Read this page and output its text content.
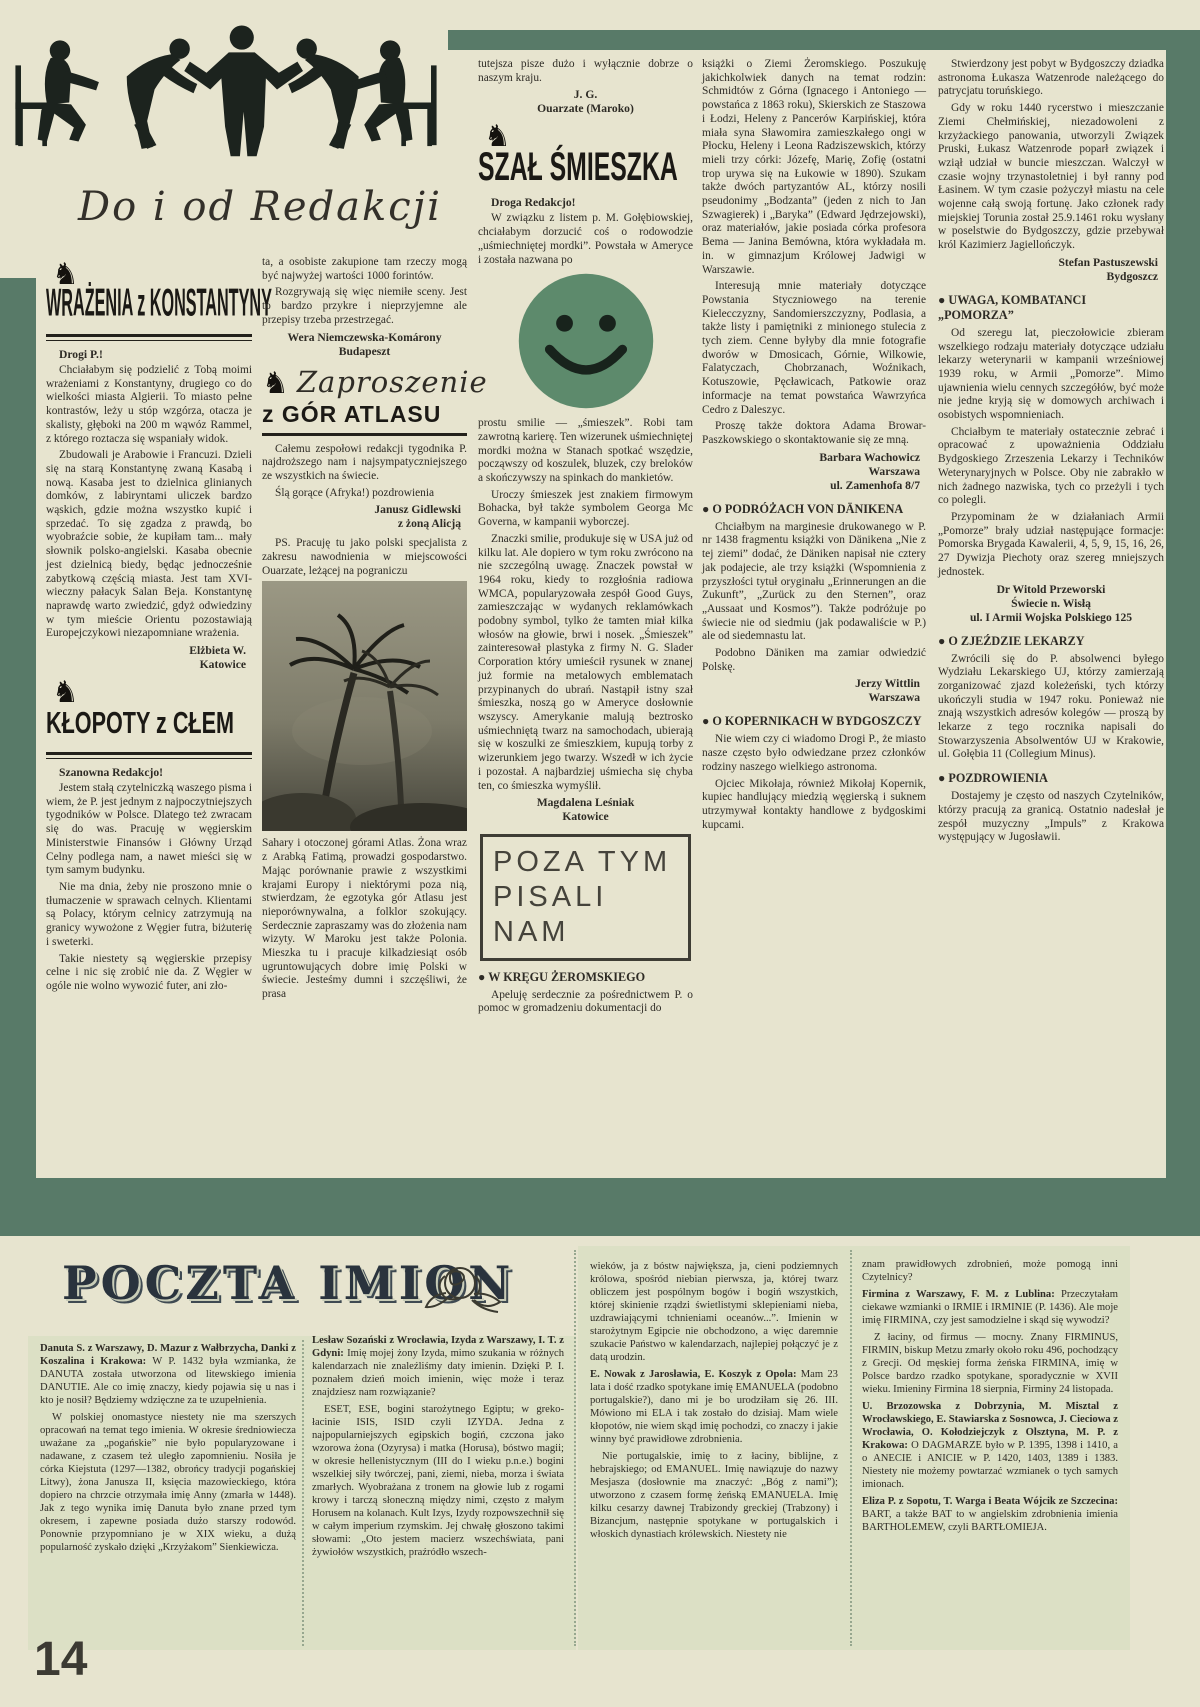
Do i od Redakcji
♞
WRAŻENIA z KONSTANTYNY

Drogi P.!

Chciałabym się podzielić z Tobą moimi wrażeniami z Konstantyny, drugiego co do wielkości miasta Algierii. To miasto pełne kontrastów, leży u stóp wzgórza, otacza je skalisty, głęboki na 200 m wąwóz Rammel, z którego roztacza się wspaniały widok.

Zbudowali je Arabowie i Francuzi. Dzieli się na starą Konstantynę zwaną Kasabą i nową. Kasaba jest to dzielnica glinianych domków, z labiryntami uliczek bardzo wąskich, gdzie można wszystko kupić i sprzedać. To się zgadza z prawdą, bo wyobraźcie sobie, że kupiłam tam... mały słownik polsko-angielski. Kasaba obecnie jest dzielnicą biedy, będąc jednocześnie zabytkową częścią miasta. Jest tam XVI-wieczny pałacyk Salan Beja. Konstantynę naprawdę warto zwiedzić, gdyż odwiedziny w tym mieście Orientu pozostawiają Europejczykowi niezapomniane wrażenia.

Elżbieta W.
Katowice
♞
KŁOPOTY z CŁEM

Szanowna Redakcjo!

Jestem stałą czytelniczką waszego pisma i wiem, że P. jest jednym z najpoczytniejszych tygodników w Polsce. Dlatego też zwracam się do was. Pracuję w węgierskim Ministerstwie Finansów i Główny Urząd Celny podlega nam, a nawet mieści się w tym samym budynku.

Nie ma dnia, żeby nie proszono mnie o tłumaczenie w sprawach celnych. Klientami są Polacy, którym celnicy zatrzymują na granicy wywożone z Węgier futra, biżuterię i sweterki.

Takie niestety są węgierskie przepisy celne i nic się zrobić nie da. Z Węgier w ogóle nie wolno wywozić futer, ani zło-

ta, a osobiste zakupione tam rzeczy mogą być najwyżej wartości 1000 forintów.

Rozgrywają się więc niemiłe sceny. Jest to bardzo przykre i nieprzyjemne ale przepisy trzeba przestrzegać.

Wera Niemczewska-Komárony
Budapeszt
♞ Zaproszenie
z GÓR ATLASU

Całemu zespołowi redakcji tygodnika P. najdroższego nam i najsympatyczniejszego ze wszystkich na świecie.

Ślą gorące (Afryka!) pozdrowienia

Janusz Gidlewski
z żoną Alicją

PS. Pracuję tu jako polski specjalista z zakresu nawodnienia w miejscowości Ouarzate, leżącej na pograniczu

Sahary i otoczonej górami Atlas. Żona wraz z Arabką Fatimą, prowadzi gospodarstwo. Mając porównanie prawie z wszystkimi krajami Europy i niektórymi poza nią, stwierdzam, że egzotyka gór Atlasu jest nieporównywalna, a folklor szokujący. Serdecznie zapraszamy was do złożenia nam wizyty. W Maroku jest także Polonia. Mieszka tu i pracuje kilkadziesiąt osób ugruntowujących dobre imię Polski w świecie. Jesteśmy dumni i szczęśliwi, że prasa

tutejsza pisze dużo i wyłącznie dobrze o naszym kraju.

J. G.
Ouarzate (Maroko)
♞
SZAŁ ŚMIESZKA

Droga Redakcjo!

W związku z listem p. M. Gołębiowskiej, chciałabym dorzucić coś o rodowodzie „uśmiechniętej mordki”. Powstała w Ameryce i została nazwana po

prostu smilie — „śmieszek”. Robi tam zawrotną karierę. Ten wizerunek uśmiechniętej mordki można w Stanach spotkać wszędzie, począwszy od koszulek, bluzek, czy breloków a skończywszy na spinkach do mankietów.

Uroczy śmieszek jest znakiem firmowym Bohacka, był także symbolem Georga Mc Governa, w kampanii wyborczej.

Znaczki smilie, produkuje się w USA już od kilku lat. Ale dopiero w tym roku zwrócono na nie szczególną uwagę. Znaczek powstał w 1964 roku, kiedy to rozgłośnia radiowa WMCA, popularyzowała zespół Good Guys, zamieszczając w wydanych reklamówkach podobny symbol, tylko że tamten miał kilka włosów na głowie, brwi i nosek. „Śmieszek” zainteresował plastyka z firmy N. G. Slader Corporation który umieścił rysunek w znanej już formie na metalowych emblematach przypinanych do ubrań. Nastąpił istny szał śmieszka, noszą go w Ameryce dosłownie wszyscy. Amerykanie malują beztrosko uśmiechniętą twarz na samochodach, ubierają się w koszulki ze śmieszkiem, kupują torby z wizerunkiem jego twarzy. Wszedł w ich życie i pozostał. A najbardziej uśmiecha się chyba ten, co śmieszka wymyślił.

Magdalena Leśniak
Katowice
POZA TYM
PISALI NAM

● W KRĘGU ŻEROMSKIEGO

Apeluję serdecznie za pośrednictwem P. o pomoc w gromadzeniu dokumentacji do

książki o Ziemi Żeromskiego. Poszukuję jakichkolwiek danych na temat rodzin: Schmidtów z Górna (Ignacego i Antoniego — powstańca z 1863 roku), Skierskich ze Staszowa i Łodzi, Heleny z Pancerów Karpińskiej, która miała syna Sławomira zamieszkałego ongi w Płocku, Heleny i Leona Radziszewskich, którzy mieli trzy córki: Józefę, Marię, Zofię (ostatni trop urywa się na Łukowie w 1890). Szukam także dwóch partyzantów AL, którzy nosili pseudonimy „Bodzanta” (jeden z nich to Jan Szwagierek) i „Baryka” (Edward Jędrzejowski), oraz materiałów, jakie posiada córka profesora Bema — Janina Bemówna, która wykładała m. in. w gimnazjum Królowej Jadwigi w Warszawie.

Interesują mnie materiały dotyczące Powstania Styczniowego na terenie Kielecczyzny, Sandomierszczyzny, Podlasia, a także listy i pamiętniki z minionego stulecia z tych ziem. Cenne byłyby dla mnie fotografie dworów w Dmosicach, Górnie, Wilkowie, Falatyczach, Chobrzanach, Woźnikach, Kotuszowie, Pęcławicach, Patkowie oraz informacje na temat powstańca Wawrzyńca Cedro z Daleszyc.

Proszę także doktora Adama Browar-Paszkowskiego o skontaktowanie się ze mną.

Barbara Wachowicz
Warszawa
ul. Zamenhofa 8/7

● O PODRÓŻACH VON DÄNIKENA

Chciałbym na marginesie drukowanego w P. nr 1438 fragmentu książki von Dänikena „Nie z tej ziemi” dodać, że Däniken napisał nie cztery jak podajecie, ale trzy książki (Wspomnienia z przyszłości tytuł oryginału „Erinnerungen an die Zukunft”, „Zurück zu den Sternen”, oraz „Aussaat und Kosmos”). Także podróżuje po świecie nie od siedmiu (jak podawaliście w P.) ale od siedemnastu lat.

Podobno Däniken ma zamiar odwiedzić Polskę.

Jerzy Wittlin
Warszawa

● O KOPERNIKACH W BYDGOSZCZY

Nie wiem czy ci wiadomo Drogi P., że miasto nasze często było odwiedzane przez członków rodziny naszego wielkiego astronoma.

Ojciec Mikołaja, również Mikołaj Kopernik, kupiec handlujący miedzią węgierską i suknem utrzymywał kontakty handlowe z bydgoskimi kupcami.

Stwierdzony jest pobyt w Bydgoszczy dziadka astronoma Łukasza Watzenrode należącego do patrycjatu toruńskiego.

Gdy w roku 1440 rycerstwo i mieszczanie Ziemi Chełmińskiej, niezadowoleni z krzyżackiego panowania, utworzyli Związek Pruski, Łukasz Watzenrode poparł związek i wziął udział w buncie mieszczan. Walczył w czasie wojny trzynastoletniej i był ranny pod Łasinem. W tym czasie pożyczył miastu na cele wojenne całą swoją fortunę. Jako członek rady miejskiej Torunia został 25.9.1461 roku wysłany w poselstwie do Bydgoszczy, gdzie przebywał król Kazimierz Jagiellończyk.

Stefan Pastuszewski
Bydgoszcz

● UWAGA, KOMBATANCI „POMORZA”

Od szeregu lat, pieczołowicie zbieram wszelkiego rodzaju materiały dotyczące udziału lekarzy weterynarii w kampanii wrześniowej 1939 roku, w Armii „Pomorze”. Mimo ujawnienia wielu cennych szczegółów, być może nie jedne kryją się w domowych archiwach i osobistych wspomnieniach.

Chciałbym te materiały ostatecznie zebrać i opracować z upoważnienia Oddziału Bydgoskiego Zrzeszenia Lekarzy i Techników Weterynaryjnych w Polsce. Oby nie zabrakło w nich żadnego nazwiska, tych co przeżyli i tych co polegli.

Przypominam że w działaniach Armii „Pomorze” brały udział następujące formacje: Pomorska Brygada Kawalerii, 4, 5, 9, 15, 16, 26, 27 Dywizja Piechoty oraz szereg mniejszych jednostek.

Dr Witold Przeworski
Świecie n. Wisłą
ul. I Armii Wojska Polskiego 125

● O ZJEŹDZIE LEKARZY

Zwrócili się do P. absolwenci byłego Wydziału Lekarskiego UJ, którzy zamierzają zorganizować zjazd koleżeński, tych którzy ukończyli studia w 1947 roku. Ponieważ nie znają wszystkich adresów kolegów — proszą by lekarze z tego rocznika napisali do Stowarzyszenia Absolwentów UJ w Krakowie, ul. Gołębia 11 (Collegium Minus).

● POZDROWIENIA

Dostajemy je często od naszych Czytelników, którzy pracują za granicą. Ostatnio nadesłał je zespół muzyczny „Impuls” z Krakowa występujący w Jugosławii.

POCZTA IMION

Danuta S. z Warszawy, D. Mazur z Wałbrzycha, Danki z Koszalina i Krakowa: W P. 1432 była wzmianka, że DANUTA została utworzona od litewskiego imienia DANUTIE. Ale co imię znaczy, kiedy pojawia się u nas i kto je nosił? Będziemy wdzięczne za te uzupełnienia.

W polskiej onomastyce niestety nie ma szerszych opracowań na temat tego imienia. W okresie średniowiecza uważane za „pogańskie” nie było popularyzowane i nadawane, z czasem też uległo zapomnieniu. Nosiła je córka Kiejstuta (1297—1382, obrońcy tradycji pogańskiej Litwy), żona Janusza II, księcia mazowieckiego, która dopiero na chrzcie otrzymała imię Anny (zmarła w 1448). Jak z tego wynika imię Danuta było znane przed tym okresem, i zapewne posiada dużo starszy rodowód. Ponownie przypomniano je w XIX wieku, a dużą popularność zyskało dzięki „Krzyżakom” Sienkiewicza.

Lesław Sozański z Wrocławia, Izyda z Warszawy, I. T. z Gdyni: Imię mojej żony Izyda, mimo szukania w różnych kalendarzach nie znaleźliśmy daty imienin. Dzięki P. I. poznałem dzień moich imienin, więc może i teraz znajdziesz nam rozwiązanie?

ESET, ESE, bogini starożytnego Egiptu; w greko-łacinie ISIS, ISID czyli IZYDA. Jedna z najpopularniejszych egipskich bogiń, czczona jako wzorowa żona (Ozyrysa) i matka (Horusa), bóstwo magii; w okresie hellenistycznym (III do I wieku p.n.e.) bogini wszelkiej siły twórczej, pani, ziemi, nieba, morza i świata zmarłych. Wyobrażana z tronem na głowie lub z rogami krowy i tarczą słoneczną między nimi, często z małym Horusem na kolanach. Kult Izys, Izydy rozpowszechnił się w całym imperium rzymskim. Jej chwałę głoszono takimi słowami: „Oto jestem macierz wszechświata, pani żywiołów wszystkich, praźródło wszech-

wieków, ja z bóstw największa, ja, cieni podziemnych królowa, spośród niebian pierwsza, ja, której twarz obliczem jest pospólnym bogów i bogiń wszystkich, której skinienie rządzi świetlistymi sklepieniami nieba, uzdrawiającymi tchnieniami oceanów...”. Imienin w starożytnym Egipcie nie obchodzono, a więc daremnie szukacie Państwo w kalendarzach, najlepiej połączyć je z datą urodzin.

E. Nowak z Jarosławia, E. Koszyk z Opola: Mam 23 lata i dość rzadko spotykane imię EMANUELA (podobno portugalskie?), dano mi je bo urodziłam się 26. III. Mówiono mi ELA i tak zostało do dzisiaj. Mam wiele kłopotów, nie wiem skąd imię pochodzi, co znaczy i jakie winny być prawidłowe zdrobnienia.

Nie portugalskie, imię to z łaciny, biblijne, z hebrajskiego; od EMANUEL. Imię nawiązuje do nazwy Mesjasza (dosłownie ma znaczyć: „Bóg z nami”); utworzono z czasem formę żeńską EMANUELA. Imię kilku cesarzy dawnej Trabizondy greckiej (Trabzony) i Bizancjum, następnie spotykane w portugalskich i włoskich dynastiach królewskich. Niestety nie

znam prawidłowych zdrobnień, może pomogą inni Czytelnicy?

Firmina z Warszawy, F. M. z Lublina: Przeczytałam ciekawe wzmianki o IRMIE i IRMINIE (P. 1436). Ale moje imię FIRMINA, czy jest samodzielne i skąd się wywodzi?

Z łaciny, od firmus — mocny. Znany FIRMINUS, FIRMIN, biskup Metzu zmarły około roku 496, pochodzący z Grecji. Od męskiej forma żeńska FIRMINA, imię w Polsce bardzo rzadko spotykane, sporadycznie w XVII wieku. Imieniny Firmina 18 sierpnia, Firminy 24 listopada.

U. Brzozowska z Dobrzynia, M. Misztal z Wrocławskiego, E. Stawiarska z Sosnowca, J. Cieciowa z Wrocławia, O. Kołodziejczyk z Olsztyna, M. P. z Krakowa: O DAGMARZE było w P. 1395, 1398 i 1410, a o ANECIE i ANICIE w P. 1420, 1403, 1389 i 1383. Niestety nie możemy powtarzać wzmianek o tych samych imionach.

Eliza P. z Sopotu, T. Warga i Beata Wójcik ze Szczecina: BART, a także BAT to w angielskim zdrobnienia imienia BARTHOLEMEW, czyli BARTŁOMIEJA.

14
